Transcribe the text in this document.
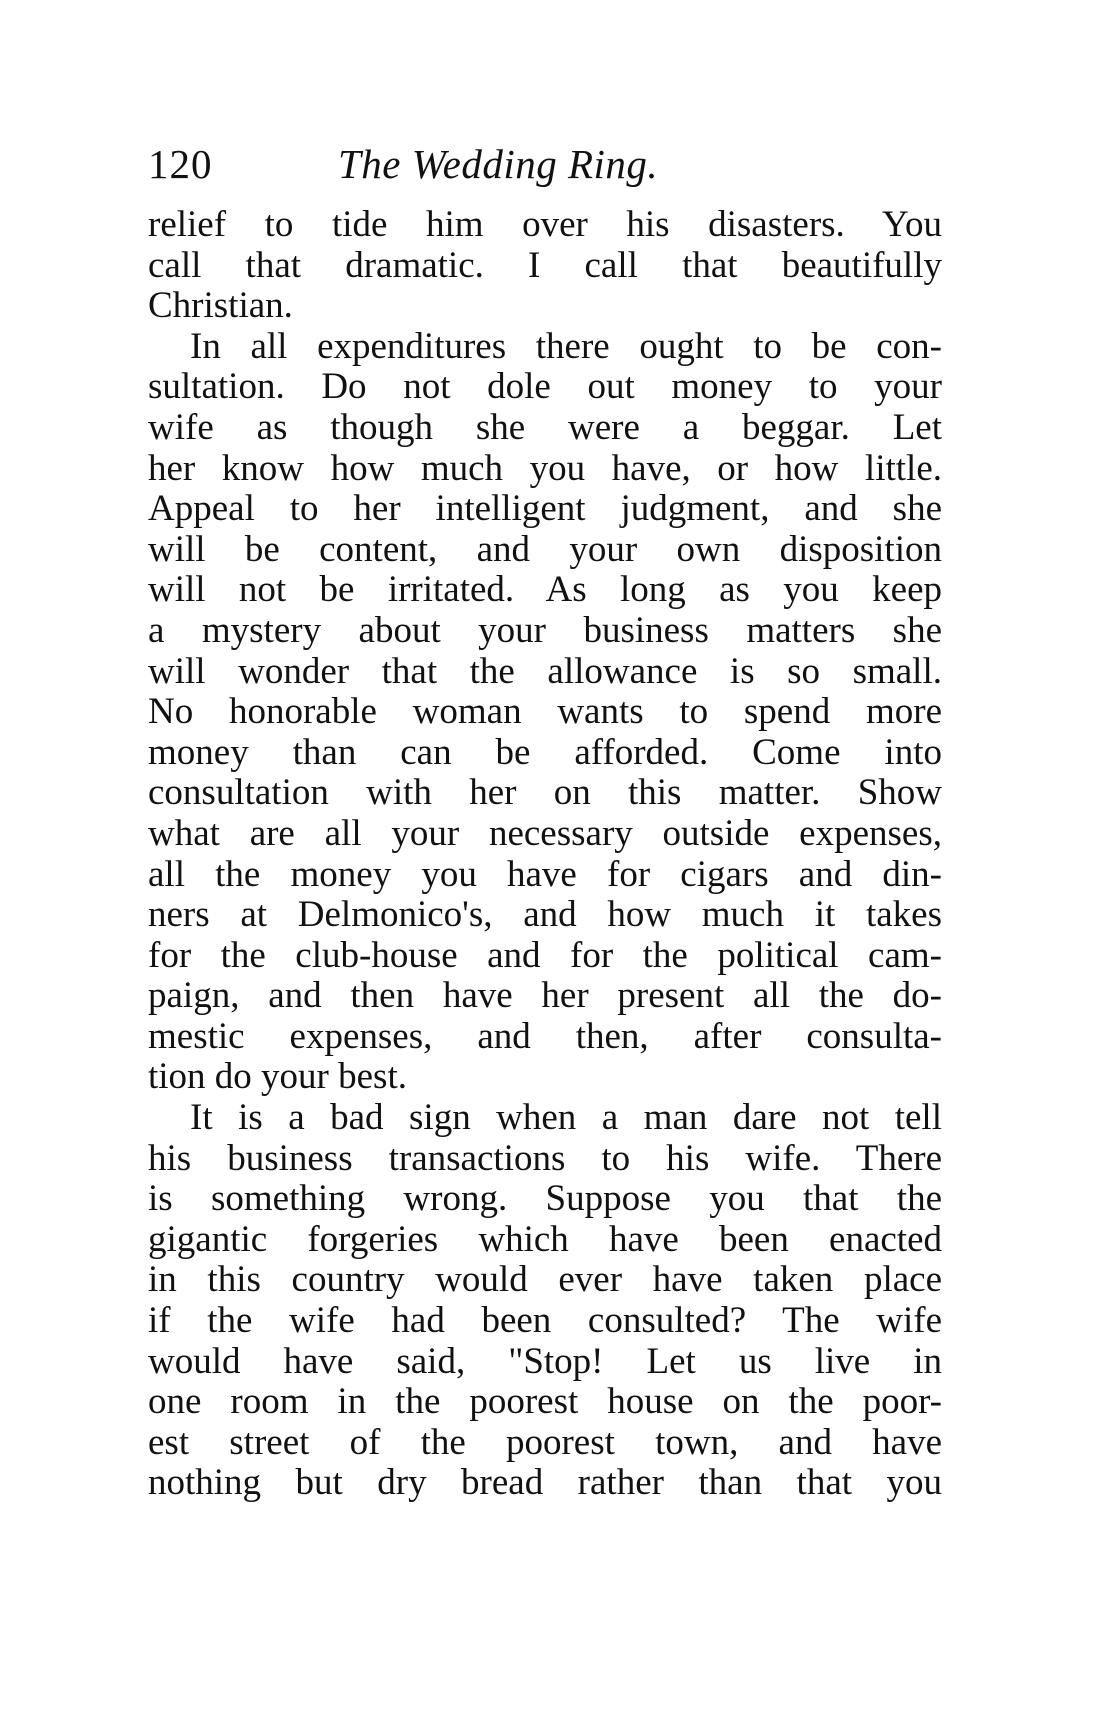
120	The Wedding Ring.
relief to tide him over his disasters. You
call that dramatic. I call that beautifully
Christian.
In all expenditures there ought to be con-
sultation. Do not dole out money to your
wife as though she were a beggar. Let
her know how much you have, or how little.
Appeal to her intelligent judgment, and she
will be content, and your own disposition
will not be irritated. As long as you keep
a mystery about your business matters she
will wonder that the allowance is so small.
No honorable woman wants to spend more
money than can be afforded. Come into
consultation with her on this matter. Show
what are all your necessary outside expenses,
all the money you have for cigars and din-
ners at Delmonico's, and how much it takes
for the club-house and for the political cam-
paign, and then have her present all the do-
mestic expenses, and then, after consulta-
tion do your best.
It is a bad sign when a man dare not tell
his business transactions to his wife. There
is something wrong. Suppose you that the
gigantic forgeries which have been enacted
in this country would ever have taken place
if the wife had been consulted? The wife
would have said, "Stop! Let us live in
one room in the poorest house on the poor-
est street of the poorest town, and have
nothing but dry bread rather than that you
